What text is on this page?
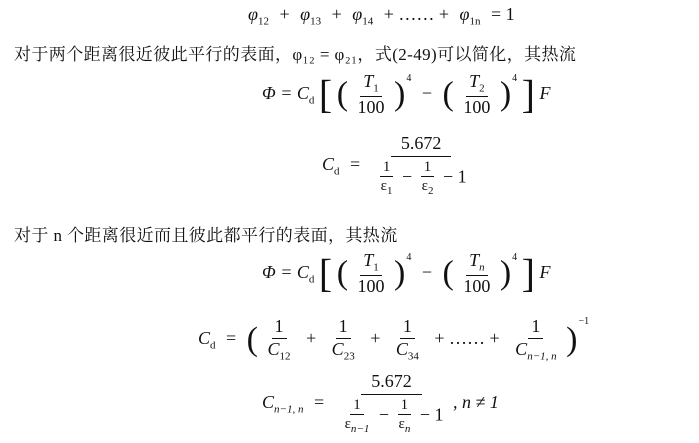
$\varphi_{12} + \varphi_{13} + \varphi_{14}$ + …… + $\varphi_{1n} = 1$
对于两个距离很近彼此平行的表面，φ₁₂ = φ₂₁，式(2-49)可以简化，其热流
$\Phi = C_d$ [ ( $\frac{T_1}{100} )^4$ − ( $\frac{T_2}{100} )^4$ ] F
$C_d$ =
5.672
$\frac{1}{\varepsilon_1} - \frac{1}{\varepsilon_2} - 1$
对于 n 个距离很近而且彼此都平行的表面，其热流
$\Phi = C_d$ [ ( $\frac{T_1}{100} )^4$ − ( $\frac{T_n}{100} )^4$ ] F
$C_d$ = ( $\frac{1}{C_{12}} + \frac{1}{C_{23}} + \frac{1}{C_{34}}$ + …… + $\frac{1}{C_{n-1, n}} )^{-1}$
$C_{n-1, n}$ =
5.672
$\frac{1}{\varepsilon_{n-1}} - \frac{1}{\varepsilon_n} - 1$
, n ≠ 1
